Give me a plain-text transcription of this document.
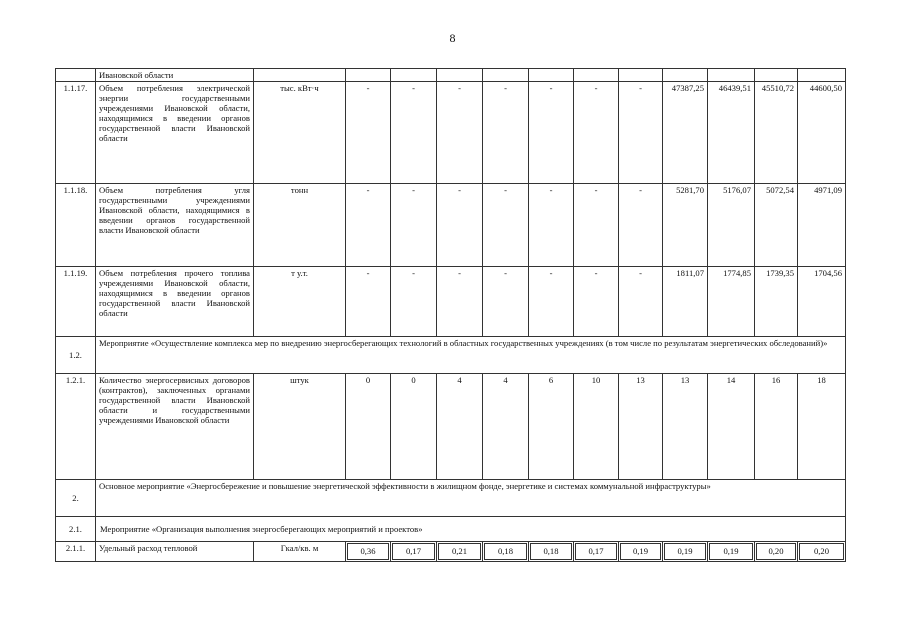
8
	Ивановской области												
1.1.17.	Объем потребления электрической энергии государственными учреждениями Ивановской области, находящимися в введении органов государственной власти Ивановской области	тыс. кВт·ч	-	-	-	-	-	-	-	47387,25	46439,51	45510,72	44600,50
1.1.18.	Объем потребления угля государственными учреждениями Ивановской области, находящимися в введении органов государственной власти Ивановской области	тонн	-	-	-	-	-	-	-	5281,70	5176,07	5072,54	4971,09
1.1.19.	Объем потребления прочего топлива учреждениями Ивановской области, находящимися в введении органов государственной власти Ивановской области	т у.т.	-	-	-	-	-	-	-	1811,07	1774,85	1739,35	1704,56
1.2.	Мероприятие «Осуществление комплекса мер по внедрению энергосберегающих технологий в областных государственных учреждениях (в том числе по результатам энергетических обследований)»												
1.2.1.	Количество энергосервисных договоров (контрактов), заключенных органами государственной власти Ивановской области и государственными учреждениями Ивановской области	штук	0	0	4	4	6	10	13	13	14	16	18
2.	Основное мероприятие «Энергосбережение и повышение энергетической эффективности в жилищном фонде, энергетике и системах коммунальной инфраструктуры»												
2.1.	Мероприятие «Организация выполнения энергосберегающих мероприятий и проектов»												
2.1.1.	Удельный расход тепловой	Гкал/кв. м	0,36	0,17	0,21	0,18	0,18	0,17	0,19	0,19	0,19	0,20	0,20
